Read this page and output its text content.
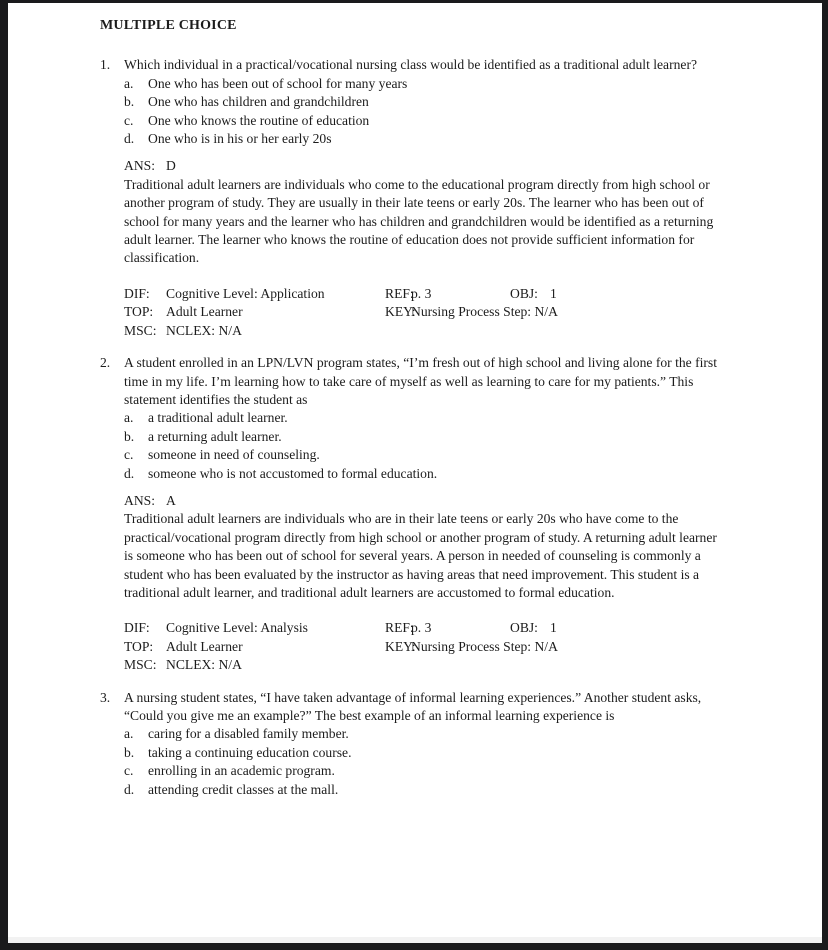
MULTIPLE CHOICE
1.	Which individual in a practical/vocational nursing class would be identified as a traditional adult learner?
a.	One who has been out of school for many years
b.	One who has children and grandchildren
c.	One who knows the routine of education
d.	One who is in his or her early 20s
ANS: D
Traditional adult learners are individuals who come to the educational program directly from high school or another program of study. They are usually in their late teens or early 20s. The learner who has been out of school for many years and the learner who has children and grandchildren would be identified as a returning adult learner. The learner who knows the routine of education does not provide sufficient information for classification.
DIF: Cognitive Level: Application	REF:p. 3	OBJ: 1
TOP: Adult Learner	KEY:Nursing Process Step: N/A
MSC: NCLEX: N/A
2.	A student enrolled in an LPN/LVN program states, “I’m fresh out of high school and living alone for the first time in my life. I’m learning how to take care of myself as well as learning to care for my patients.” This statement identifies the student as
a.	a traditional adult learner.
b.	a returning adult learner.
c.	someone in need of counseling.
d.	someone who is not accustomed to formal education.
ANS: A
Traditional adult learners are individuals who are in their late teens or early 20s who have come to the practical/vocational program directly from high school or another program of study. A returning adult learner is someone who has been out of school for several years. A person in needed of counseling is commonly a student who has been evaluated by the instructor as having areas that need improvement. This student is a traditional adult learner, and traditional adult learners are accustomed to formal education.
DIF: Cognitive Level: Analysis	REF:p. 3	OBJ: 1
TOP: Adult Learner	KEY:Nursing Process Step: N/A
MSC: NCLEX: N/A
3.	A nursing student states, “I have taken advantage of informal learning experiences.” Another student asks, “Could you give me an example?” The best example of an informal learning experience is
a.	caring for a disabled family member.
b.	taking a continuing education course.
c.	enrolling in an academic program.
d.	attending credit classes at the mall.
